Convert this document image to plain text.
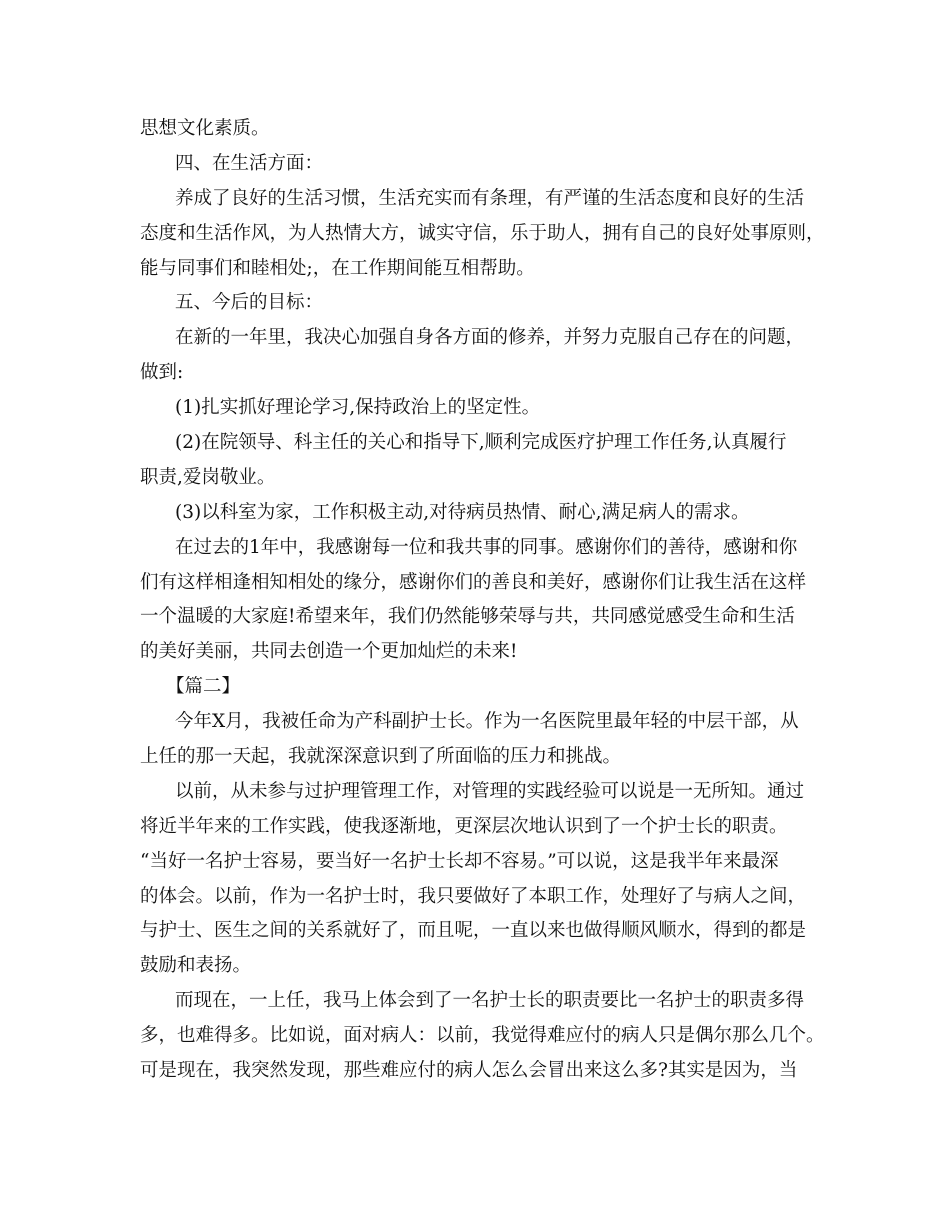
思想文化素质。
四、在生活方面：
养成了良好的生活习惯，生活充实而有条理，有严谨的生活态度和良好的生活
态度和生活作风，为人热情大方，诚实守信，乐于助人，拥有自己的良好处事原则，
能与同事们和睦相处;，在工作期间能互相帮助。
五、今后的目标：
在新的一年里，我决心加强自身各方面的修养，并努力克服自己存在的问题，
做到:
(1)扎实抓好理论学习,保持政治上的坚定性。
(2)在院领导、科主任的关心和指导下,顺利完成医疗护理工作任务,认真履行
职责,爱岗敬业。
(3)以科室为家，工作积极主动,对待病员热情、耐心,满足病人的需求。
在过去的1年中，我感谢每一位和我共事的同事。感谢你们的善待，感谢和你
们有这样相逢相知相处的缘分，感谢你们的善良和美好，感谢你们让我生活在这样
一个温暖的大家庭!希望来年，我们仍然能够荣辱与共，共同感觉感受生命和生活
的美好美丽，共同去创造一个更加灿烂的未来!
【篇二】
今年X月，我被任命为产科副护士长。作为一名医院里最年轻的中层干部，从
上任的那一天起，我就深深意识到了所面临的压力和挑战。
以前，从未参与过护理管理工作，对管理的实践经验可以说是一无所知。通过
将近半年来的工作实践，使我逐渐地，更深层次地认识到了一个护士长的职责。
“当好一名护士容易，要当好一名护士长却不容易。”可以说，这是我半年来最深
的体会。以前，作为一名护士时，我只要做好了本职工作，处理好了与病人之间，
与护士、医生之间的关系就好了，而且呢，一直以来也做得顺风顺水，得到的都是
鼓励和表扬。
而现在，一上任，我马上体会到了一名护士长的职责要比一名护士的职责多得
多，也难得多。比如说，面对病人：以前，我觉得难应付的病人只是偶尔那么几个。
可是现在，我突然发现，那些难应付的病人怎么会冒出来这么多?其实是因为，当
